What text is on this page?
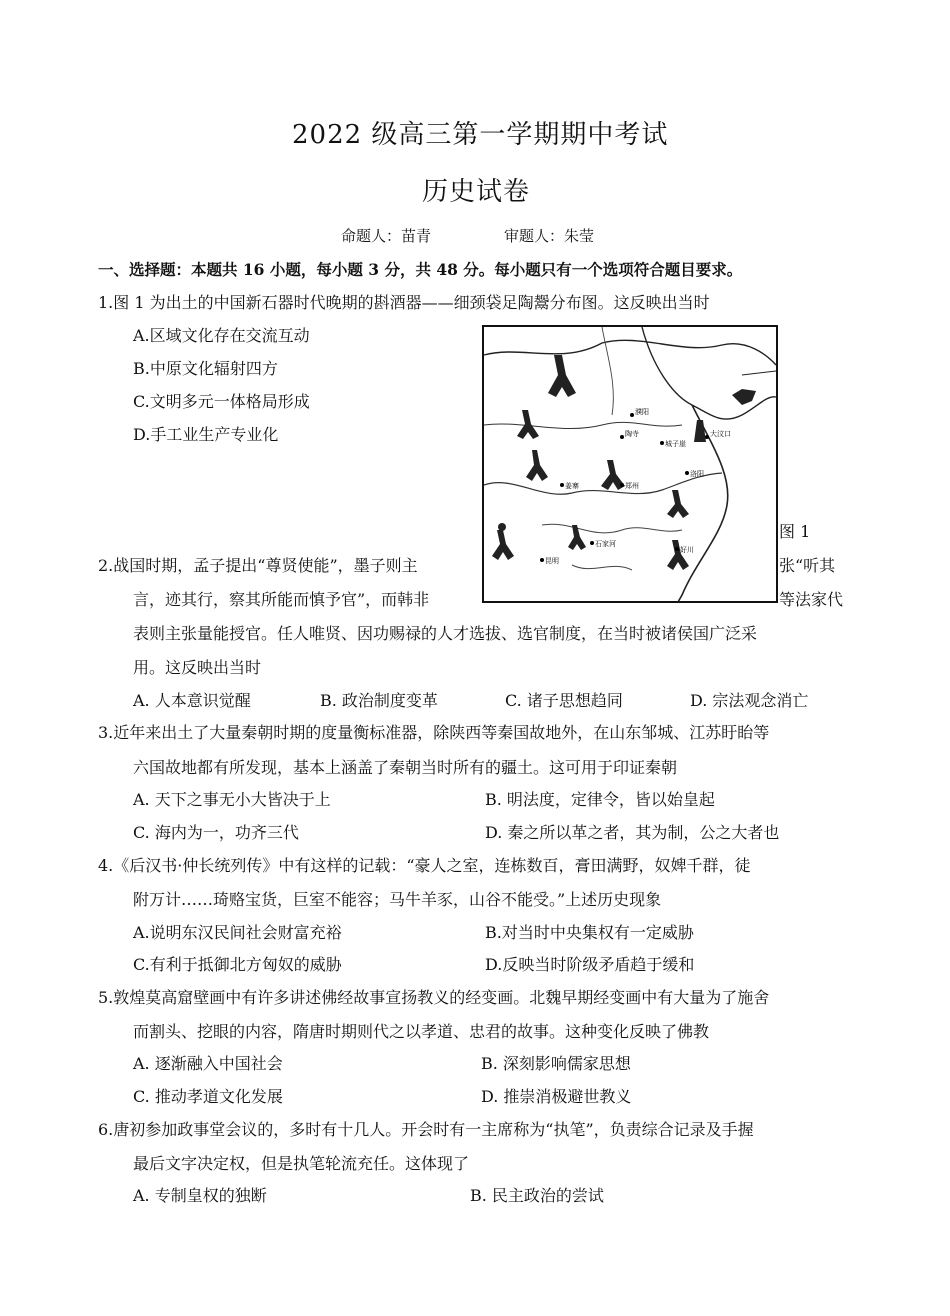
2022 级高三第一学期期中考试
历史试卷
命题人：苗青	审题人：朱莹
一、选择题：本题共 16 小题，每小题 3 分，共 48 分。每小题只有一个选项符合题目要求。
1.图 1 为出土的中国新石器时代晚期的斟酒器——细颈袋足陶鬶分布图。这反映出当时
A.区域文化存在交流互动
B.中原文化辐射四方
C.文明多元一体格局形成
D.手工业生产专业化
濮阳
陶寺
城子崖
大汶口
郑州
洛阳
姜寨
石家河
好川
昆明
图 1
2.战国时期，孟子提出“尊贤使能”，墨子则主	张“听其
言，迹其行，察其所能而慎予官”，而韩非	等法家代
表则主张量能授官。任人唯贤、因功赐禄的人才选拔、选官制度，在当时被诸侯国广泛采
用。这反映出当时
A. 人本意识觉醒	B. 政治制度变革	C. 诸子思想趋同	D. 宗法观念消亡
3.近年来出土了大量秦朝时期的度量衡标准器，除陕西等秦国故地外，在山东邹城、江苏盱眙等
六国故地都有所发现，基本上涵盖了秦朝当时所有的疆土。这可用于印证秦朝
A. 天下之事无小大皆决于上	B. 明法度，定律令，皆以始皇起
C. 海内为一，功齐三代	D. 秦之所以革之者，其为制，公之大者也
4.《后汉书·仲长统列传》中有这样的记载：“豪人之室，连栋数百，膏田满野，奴婢千群，徒
附万计……琦赂宝货，巨室不能容；马牛羊豕，山谷不能受。”上述历史现象
A.说明东汉民间社会财富充裕	B.对当时中央集权有一定威胁
C.有利于抵御北方匈奴的威胁	D.反映当时阶级矛盾趋于缓和
5.敦煌莫高窟壁画中有许多讲述佛经故事宣扬教义的经变画。北魏早期经变画中有大量为了施舍
而割头、挖眼的内容，隋唐时期则代之以孝道、忠君的故事。这种变化反映了佛教
A. 逐渐融入中国社会	B. 深刻影响儒家思想
C. 推动孝道文化发展	D. 推崇消极避世教义
6.唐初参加政事堂会议的，多时有十几人。开会时有一主席称为“执笔”，负责综合记录及手握
最后文字决定权，但是执笔轮流充任。这体现了
A. 专制皇权的独断	B. 民主政治的尝试
